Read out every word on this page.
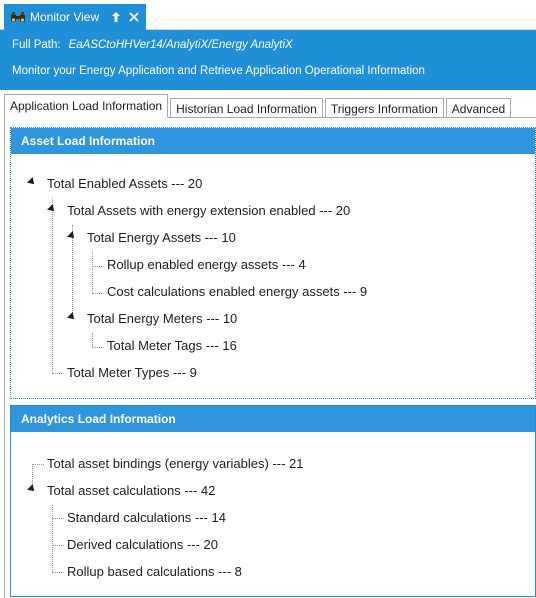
Monitor View
Full Path: EaASCtoHHVer14/AnalytiX/Energy AnalytiX
Monitor your Energy Application and Retrieve Application Operational Information
Application Load Information	Historian Load Information	Triggers Information	Advanced
Asset Load Information
Total Enabled Assets --- 20
Total Assets with energy extension enabled --- 20
Total Energy Assets --- 10
Rollup enabled energy assets --- 4
Cost calculations enabled energy assets --- 9
Total Energy Meters --- 10
Total Meter Tags --- 16
Total Meter Types --- 9
Analytics Load Information
Total asset bindings (energy variables) --- 21
Total asset calculations --- 42
Standard calculations --- 14
Derived calculations --- 20
Rollup based calculations --- 8
